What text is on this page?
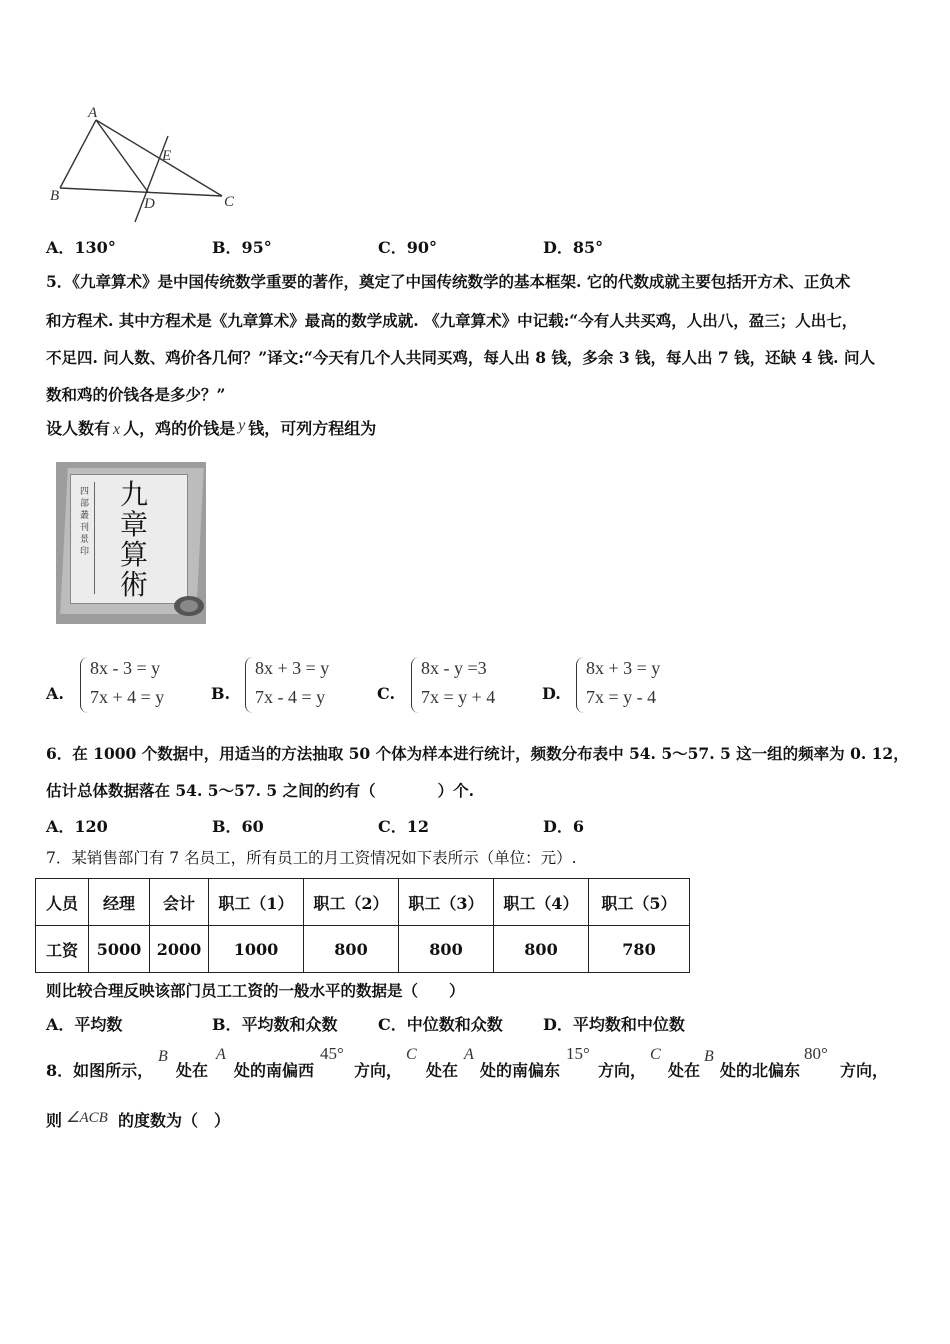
A
B	C
D
E
A．130°	B．95°	C．90°	D．85°
5．《九章算术》是中国传统数学重要的著作，奠定了中国传统数学的基本框架. 它的代数成就主要包括开方术、正负术
和方程术. 其中方程术是《九章算术》最高的数学成就. 《九章算术》中记载:“今有人共买鸡，人出八，盈三；人出七，
不足四. 问人数、鸡价各几何？”译文:“今天有几个人共同买鸡，每人出 8 钱，多余 3 钱，每人出 7 钱，还缺 4 钱. 问人
数和鸡的价钱各是多少？”
设人数有 x 人，鸡的价钱是 y 钱，可列方程组为
四部叢刊景印
九
章
算
術
A.
8x - 3 = y
7x + 4 = y	B.
8x + 3 = y
7x - 4 = y	C.
8x - y =3
7x = y + 4	D.
8x + 3 = y
7x = y - 4
6．在 1000 个数据中，用适当的方法抽取 50 个体为样本进行统计，频数分布表中 54. 5～57. 5 这一组的频率为 0. 12，
估计总体数据落在 54. 5～57. 5 之间的约有（　　　　）个.
A．120	B．60	C．12	D．6
7．某销售部门有 7 名员工，所有员工的月工资情况如下表所示（单位：元）.
人员	经理	会计	职工（1）	职工（2）	职工（3）	职工（4）	职工（5）
工资	5000	2000	1000	800	800	800	780
则比较合理反映该部门员工工资的一般水平的数据是（　　）
A．平均数	B．平均数和众数	C．中位数和众数	D．平均数和中位数
8．如图所示，
B
处在
A
处的南偏西
45°
方向，
C
处在
A
处的南偏东
15°
方向，
C
处在
B
处的北偏东
80°
方向，
则 ∠ACB 的度数为（　）
